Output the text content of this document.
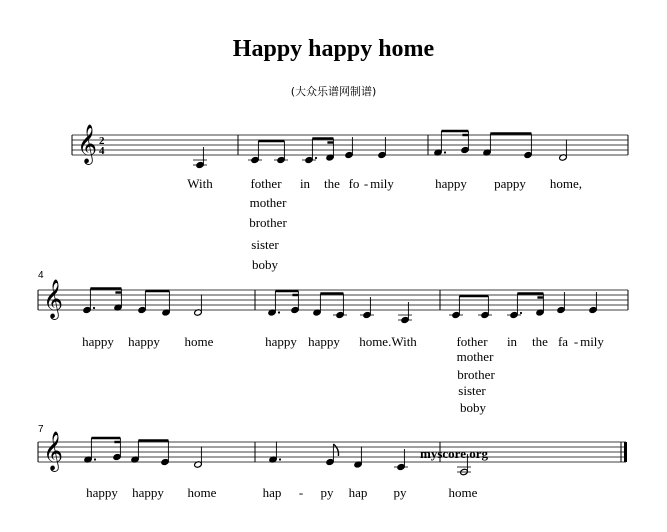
Happy happy home
(大众乐谱网制谱)
𝄞
𝄞
𝄞
2
4
4
7
With	fother in the fo - mily	happy pappy home,
mother
brother
sister
boby
happy happy home	happy happy home.With	fother in the fa - mily
mother
brother
sister
boby
happy happy home	hap - py hap py	home
myscore.org
